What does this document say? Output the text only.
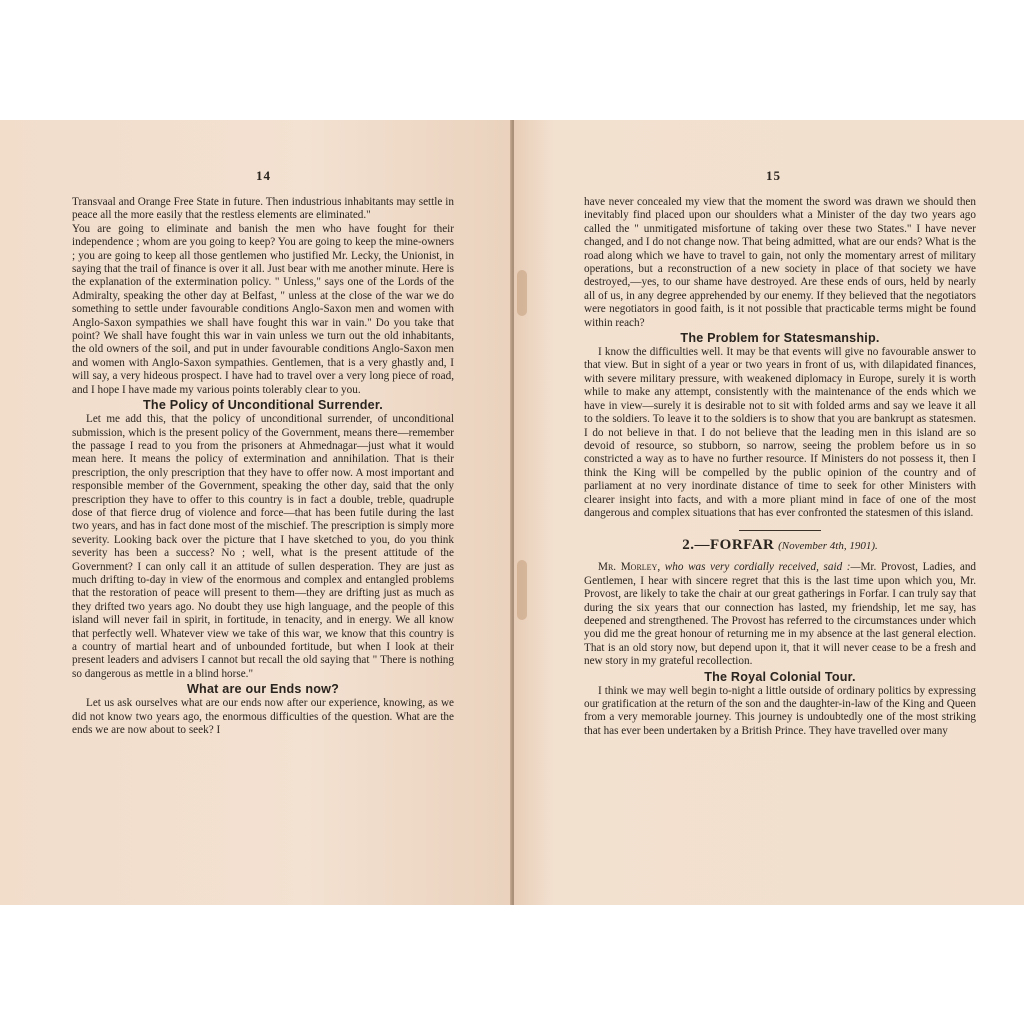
14

Transvaal and Orange Free State in future. Then industrious inhabitants may settle in peace all the more easily that the restless elements are eliminated."

You are going to eliminate and banish the men who have fought for their independence ; whom are you going to keep? You are going to keep the mine-owners ; you are going to keep all those gentlemen who justified Mr. Lecky, the Unionist, in saying that the trail of finance is over it all. Just bear with me another minute. Here is the explanation of the extermination policy. " Unless," says one of the Lords of the Admiralty, speaking the other day at Belfast, " unless at the close of the war we do something to settle under favourable conditions Anglo-Saxon men and women with Anglo-Saxon sympathies we shall have fought this war in vain." Do you take that point? We shall have fought this war in vain unless we turn out the old inhabitants, the old owners of the soil, and put in under favourable conditions Anglo-Saxon men and women with Anglo-Saxon sympathies. Gentlemen, that is a very ghastly and, I will say, a very hideous prospect. I have had to travel over a very long piece of road, and I hope I have made my various points tolerably clear to you.

The Policy of Unconditional Surrender.

Let me add this, that the policy of unconditional surrender, of unconditional submission, which is the present policy of the Government, means there—remember the passage I read to you from the prisoners at Ahmednagar—just what it would mean here. It means the policy of extermination and annihilation. That is their prescription, the only prescription that they have to offer now. A most important and responsible member of the Government, speaking the other day, said that the only prescription they have to offer to this country is in fact a double, treble, quadruple dose of that fierce drug of violence and force—that has been futile during the last two years, and has in fact done most of the mischief. The prescription is simply more severity. Looking back over the picture that I have sketched to you, do you think severity has been a success? No ; well, what is the present attitude of the Government? I can only call it an attitude of sullen desperation. They are just as much drifting to-day in view of the enormous and complex and entangled problems that the restoration of peace will present to them—they are drifting just as much as they drifted two years ago. No doubt they use high language, and the people of this island will never fail in spirit, in fortitude, in tenacity, and in energy. We all know that perfectly well. Whatever view we take of this war, we know that this country is a country of martial heart and of unbounded fortitude, but when I look at their present leaders and advisers I cannot but recall the old saying that " There is nothing so dangerous as mettle in a blind horse."

What are our Ends now?

Let us ask ourselves what are our ends now after our experience, knowing, as we did not know two years ago, the enormous difficulties of the question. What are the ends we are now about to seek? I

15

have never concealed my view that the moment the sword was drawn we should then inevitably find placed upon our shoulders what a Minister of the day two years ago called the " unmitigated misfortune of taking over these two States." I have never changed, and I do not change now. That being admitted, what are our ends? What is the road along which we have to travel to gain, not only the momentary arrest of military operations, but a reconstruction of a new society in place of that society we have destroyed,—yes, to our shame have destroyed. Are these ends of ours, held by nearly all of us, in any degree apprehended by our enemy. If they believed that the negotiators were negotiators in good faith, is it not possible that practicable terms might be found within reach?

The Problem for Statesmanship.

I know the difficulties well. It may be that events will give no favourable answer to that view. But in sight of a year or two years in front of us, with dilapidated finances, with severe military pressure, with weakened diplomacy in Europe, surely it is worth while to make any attempt, consistently with the maintenance of the ends which we have in view—surely it is desirable not to sit with folded arms and say we leave it all to the soldiers. To leave it to the soldiers is to show that you are bankrupt as statesmen. I do not believe in that. I do not believe that the leading men in this island are so devoid of resource, so stubborn, so narrow, seeing the problem before us in so constricted a way as to have no further resource. If Ministers do not possess it, then I think the King will be compelled by the public opinion of the country and of parliament at no very inordinate distance of time to seek for other Ministers with clearer insight into facts, and with a more pliant mind in face of one of the most dangerous and complex situations that has ever confronted the statesmen of this island.

2.—FORFAR (November 4th, 1901).

Mr. Morley, who was very cordially received, said :—Mr. Provost, Ladies, and Gentlemen, I hear with sincere regret that this is the last time upon which you, Mr. Provost, are likely to take the chair at our great gatherings in Forfar. I can truly say that during the six years that our connection has lasted, my friendship, let me say, has deepened and strengthened. The Provost has referred to the circumstances under which you did me the great honour of returning me in my absence at the last general election. That is an old story now, but depend upon it, that it will never cease to be a fresh and new story in my grateful recollection.

The Royal Colonial Tour.

I think we may well begin to-night a little outside of ordinary politics by expressing our gratification at the return of the son and the daughter-in-law of the King and Queen from a very memorable journey. This journey is undoubtedly one of the most striking that has ever been undertaken by a British Prince. They have travelled over many
